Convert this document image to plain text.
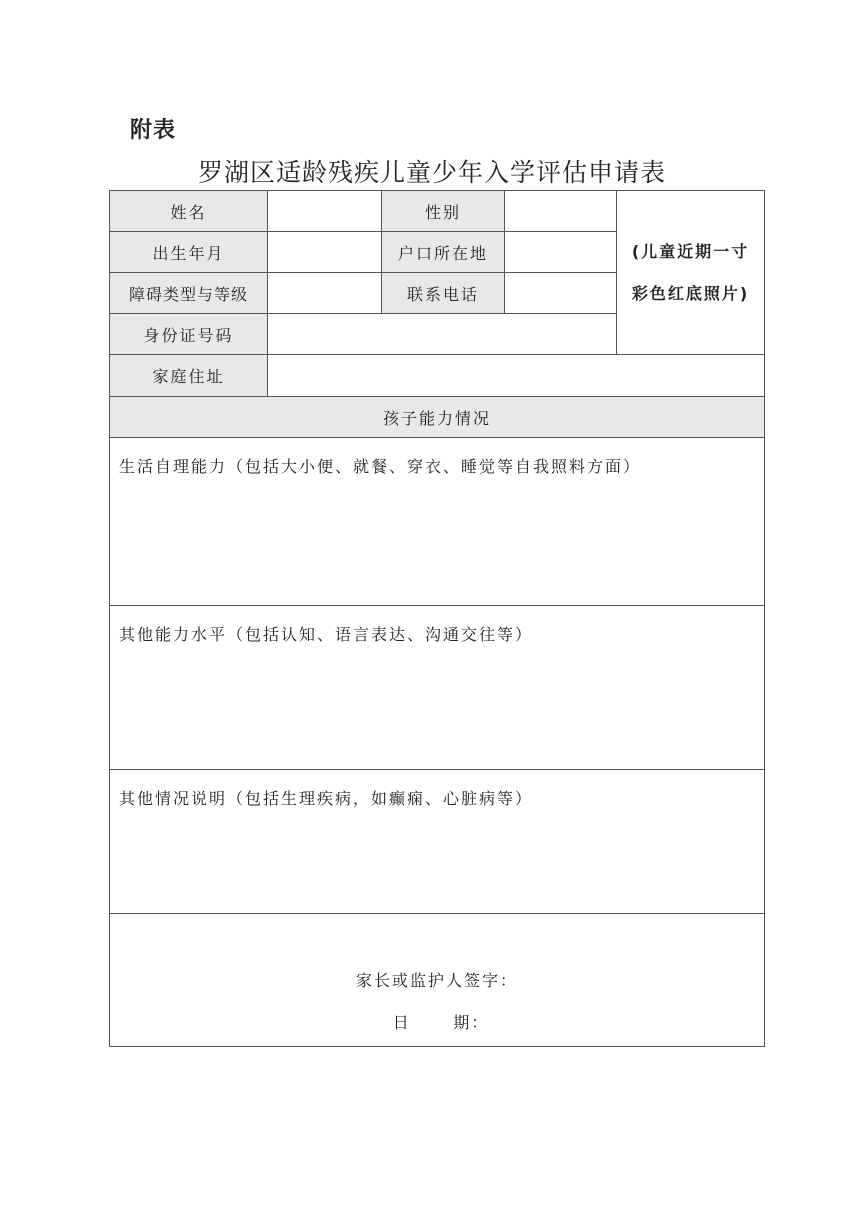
附表
罗湖区适龄残疾儿童少年入学评估申请表
姓名		性别		(儿童近期一寸
彩色红底照片)
出生年月		户口所在地		
障碍类型与等级		联系电话		
身份证号码				
家庭住址				
孩子能力情况				
生活自理能力（包括大小便、就餐、穿衣、睡觉等自我照料方面）				
其他能力水平（包括认知、语言表达、沟通交往等）				
其他情况说明（包括生理疾病，如癫痫、心脏病等）				

家长或监护人签字：
日      期：				
